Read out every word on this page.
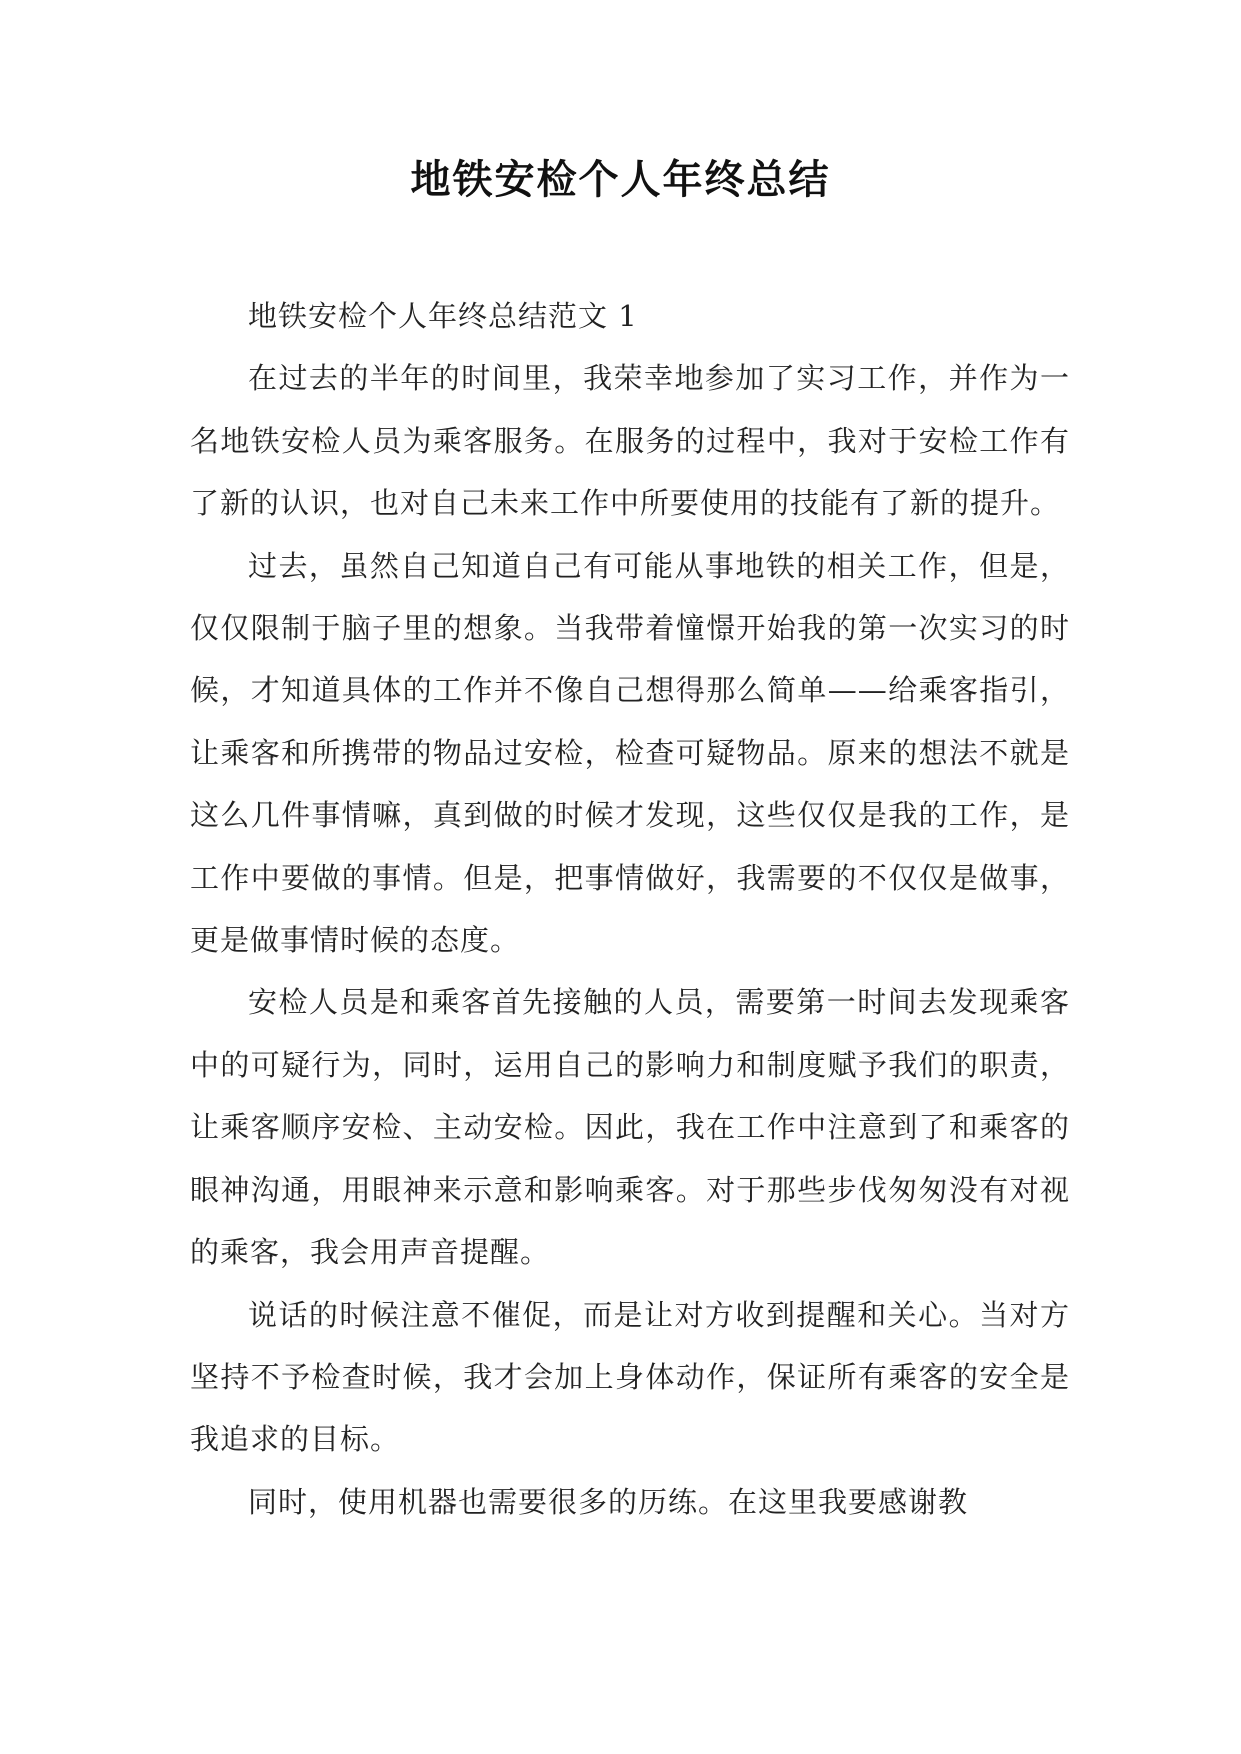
地铁安检个人年终总结

地铁安检个人年终总结范文 1

在过去的半年的时间里，我荣幸地参加了实习工作，并作为一名地铁安检人员为乘客服务。在服务的过程中，我对于安检工作有了新的认识，也对自己未来工作中所要使用的技能有了新的提升。

过去，虽然自己知道自己有可能从事地铁的相关工作，但是，仅仅限制于脑子里的想象。当我带着憧憬开始我的第一次实习的时候，才知道具体的工作并不像自己想得那么简单——给乘客指引，让乘客和所携带的物品过安检，检查可疑物品。原来的想法不就是这么几件事情嘛，真到做的时候才发现，这些仅仅是我的工作，是工作中要做的事情。但是，把事情做好，我需要的不仅仅是做事，更是做事情时候的态度。

安检人员是和乘客首先接触的人员，需要第一时间去发现乘客中的可疑行为，同时，运用自己的影响力和制度赋予我们的职责，让乘客顺序安检、主动安检。因此，我在工作中注意到了和乘客的眼神沟通，用眼神来示意和影响乘客。对于那些步伐匆匆没有对视的乘客，我会用声音提醒。

说话的时候注意不催促，而是让对方收到提醒和关心。当对方坚持不予检查时候，我才会加上身体动作，保证所有乘客的安全是我追求的目标。

同时，使用机器也需要很多的历练。在这里我要感谢教
